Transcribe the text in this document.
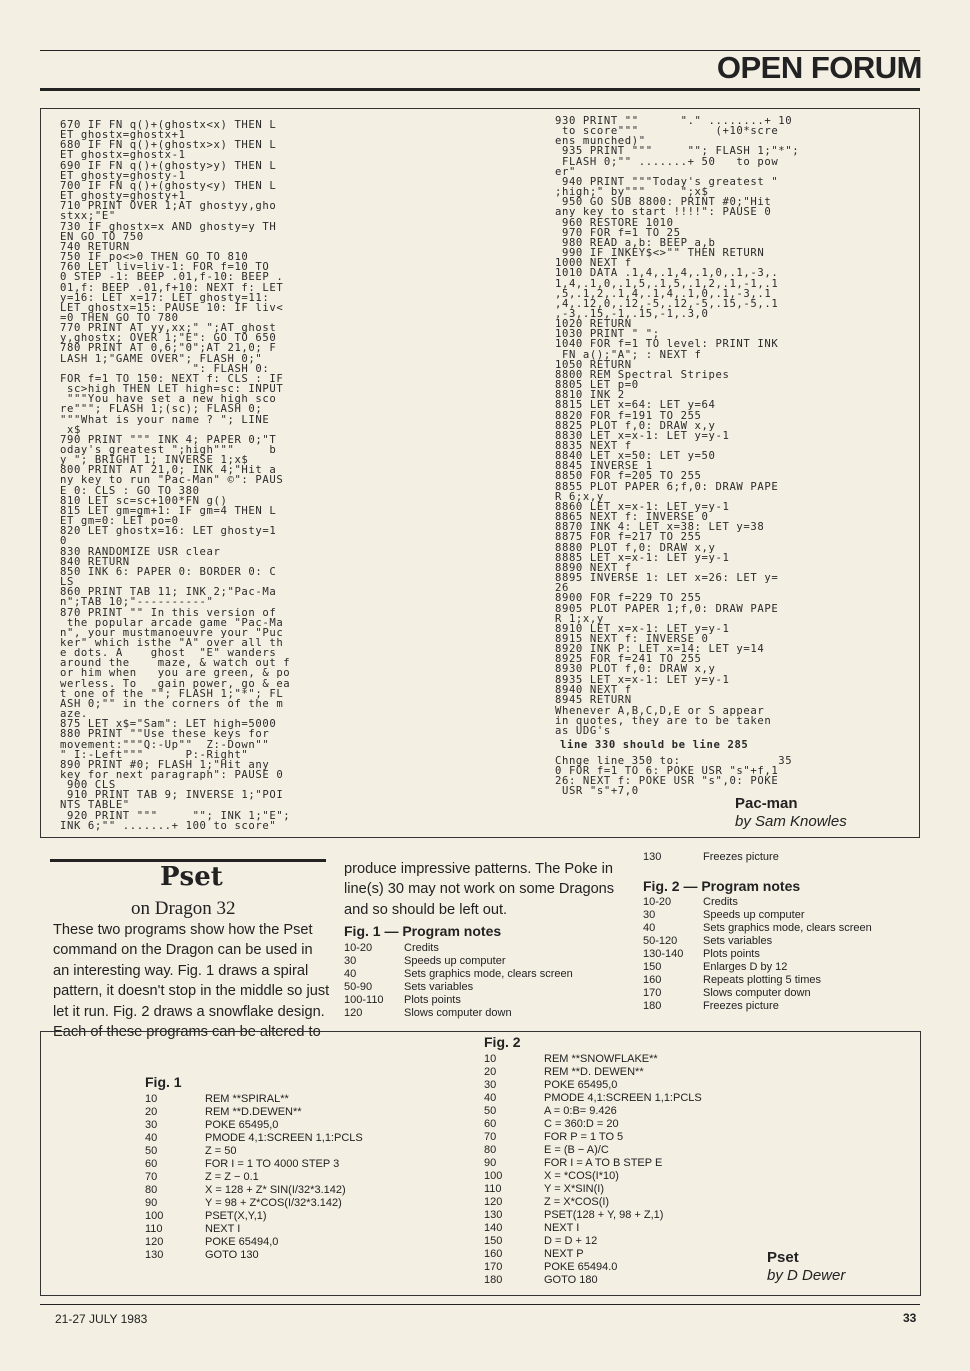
OPEN FORUM
670 IF FN q()+(ghostx<x) THEN L
ET ghostx=ghostx+1
680 IF FN q()+(ghostx>x) THEN L
ET ghostx=ghostx-1
690 IF FN q()+(ghosty>y) THEN L
ET ghosty=ghosty-1
700 IF FN q()+(ghosty<y) THEN L
ET ghosty=ghosty+1
710 PRINT OVER 1;AT ghostyy,gho
stxx;"E"
730 IF ghostx=x AND ghosty=y TH
EN GO TO 750
740 RETURN
750 IF po<>0 THEN GO TO 810
760 LET liv=liv-1: FOR f=10 TO
0 STEP -1: BEEP .01,f-10: BEEP .
01,f: BEEP .01,f+10: NEXT f: LET
y=16: LET x=17: LET ghosty=11:
LET ghostx=15: PAUSE 10: IF liv<
=0 THEN GO TO 780
770 PRINT AT yy,xx;" ";AT ghost
y,ghostx; OVER 1;"E": GO TO 650
780 PRINT AT 0,6;"0";AT 21,0; F
LASH 1;"GAME OVER"; FLASH 0;"
": FLASH 0:
FOR f=1 TO 150: NEXT f: CLS : IF
sc>high THEN LET high=sc: INPUT
"""You have set a new high sco
re"""; FLASH 1;(sc); FLASH 0;
"""What is your name ? "; LINE
x$
790 PRINT """ INK 4; PAPER 0;"T
oday's greatest ";high"""     b
y "; BRIGHT 1; INVERSE 1;x$
800 PRINT AT 21,0; INK 4;"Hit a
ny key to run "Pac-Man" ©": PAUS
E 0: CLS : GO TO 380
810 LET sc=sc+100*FN g()
815 LET gm=gm+1: IF gm=4 THEN L
ET gm=0: LET po=0
820 LET ghostx=16: LET ghosty=1
0
830 RANDOMIZE USR clear
840 RETURN
850 INK 6: PAPER 0: BORDER 0: C
LS
860 PRINT TAB 11; INK 2;"Pac-Ma
n";TAB 10;"----------"
870 PRINT "" In this version of
the popular arcade game "Pac-Ma
n", your mustmanoeuvre your "Puc
ker" which isthe "A" over all th
e dots. A    ghost  "E" wanders
around the    maze, & watch out f
or him when   you are green, & po
werless. To   gain power, go & ea
t one of the ""; FLASH 1;"*"; FL
ASH 0;"" in the corners of the m
aze.
875 LET x$="Sam": LET high=5000
880 PRINT ""Use these keys for
movement:"""Q:-Up""  Z:-Down""
" I:-Left"""      P:-Right"
890 PRINT #0; FLASH 1;"Hit any
key for next paragraph": PAUSE 0
900 CLS
910 PRINT TAB 9; INVERSE 1;"POI
NTS TABLE"
920 PRINT """     ""; INK 1;"E";
INK 6;"" .......+ 100 to score"
930 PRINT ""      "." ........+ 10
to score"""           (+10*scre
ens munched)"
935 PRINT """     ""; FLASH 1;"*";
FLASH 0;"" .......+ 50   to pow
er"
940 PRINT """Today's greatest "
;high;" by"""     ";x$
950 GO SUB 8800: PRINT #0;"Hit
any key to start !!!!": PAUSE 0
960 RESTORE 1010
970 FOR f=1 TO 25
980 READ a,b: BEEP a,b
990 IF INKEY$<>"" THEN RETURN
1000 NEXT f
1010 DATA .1,4,.1,4,.1,0,.1,-3,.
1,4,.1,0,.1,5,.1,5,.1,2,.1,-1,.1
,5,.1,2,.1,4,.1,4,.1,0,.1,-3,.1
,4,.12,0,.12,-5,.12,-5,.15,-5,.1
,-3,.15,-1,.15,-1,.3,0
1020 RETURN
1030 PRINT " ";
1040 FOR f=1 TO level: PRINT INK
FN a();"A"; : NEXT f
1050 RETURN
8800 REM Spectral Stripes
8805 LET p=0
8810 INK 2
8815 LET x=64: LET y=64
8820 FOR f=191 TO 255
8825 PLOT f,0: DRAW x,y
8830 LET x=x-1: LET y=y-1
8835 NEXT f
8840 LET x=50: LET y=50
8845 INVERSE 1
8850 FOR f=205 TO 255
8855 PLOT PAPER 6;f,0: DRAW PAPE
R 6;x,y
8860 LET x=x-1: LET y=y-1
8865 NEXT f: INVERSE 0
8870 INK 4: LET x=38: LET y=38
8875 FOR f=217 TO 255
8880 PLOT f,0: DRAW x,y
8885 LET x=x-1: LET y=y-1
8890 NEXT f
8895 INVERSE 1: LET x=26: LET y=
26
8900 FOR f=229 TO 255
8905 PLOT PAPER 1;f,0: DRAW PAPE
R 1;x,y
8910 LET x=x-1: LET y=y-1
8915 NEXT f: INVERSE 0
8920 INK P: LET x=14: LET y=14
8925 FOR f=241 TO 255
8930 PLOT f,0: DRAW x,y
8935 LET x=x-1: LET y=y-1
8940 NEXT f
8945 RETURN
Whenever A,B,C,D,E or S appear
in quotes, they are to be taken
as UDG's
line 330 should be line 285
Chnge line 350 to:              35
0 FOR f=1 TO 6: POKE USR "s"+f,1
26: NEXT f: POKE USR "s",0: POKE
USR "s"+7,0
Pac-man
by Sam Knowles
Pset
on Dragon 32
These two programs show how the Pset
command on the Dragon can be used in
an interesting way. Fig. 1 draws a spiral
pattern, it doesn't stop in the middle so just
let it run. Fig. 2 draws a snowflake design.
Each of these programs can be altered to
produce impressive patterns. The Poke in
line(s) 30 may not work on some Dragons
and so should be left out.
Fig. 1 — Program notes
10-20	Credits
30	Speeds up computer
40	Sets graphics mode, clears screen
50-90	Sets variables
100-110	Plots points
120	Slows computer down
130	Freezes picture
Fig. 2 — Program notes
10-20	Credits
30	Speeds up computer
40	Sets graphics mode, clears screen
50-120	Sets variables
130-140	Plots points
150	Enlarges D by 12
160	Repeats plotting 5 times
170	Slows computer down
180	Freezes picture
Fig. 1
10	REM **SPIRAL**
20	REM **D.DEWEN**
30	POKE 65495,0
40	PMODE 4,1:SCREEN 1,1:PCLS
50	Z = 50
60	FOR I = 1 TO 4000 STEP 3
70	Z = Z − 0.1
80	X = 128 + Z* SIN(I/32*3.142)
90	Y = 98 + Z*COS(I/32*3.142)
100	PSET(X,Y,1)
110	NEXT I
120	POKE 65494,0
130	GOTO 130
Fig. 2
10	REM **SNOWFLAKE**
20	REM **D. DEWEN**
30	POKE 65495,0
40	PMODE 4,1:SCREEN 1,1:PCLS
50	A = 0:B= 9.426
60	C = 360:D = 20
70	FOR P = 1 TO 5
80	E = (B − A)/C
90	FOR I = A TO B STEP E
100	X = *COS(I*10)
110	Y = X*SIN(I)
120	Z = X*COS(I)
130	PSET(128 + Y, 98 + Z,1)
140	NEXT I
150	D = D + 12
160	NEXT P
170	POKE 65494.0
180	GOTO 180
Pset
by D Dewer
21-27 JULY 1983	33
